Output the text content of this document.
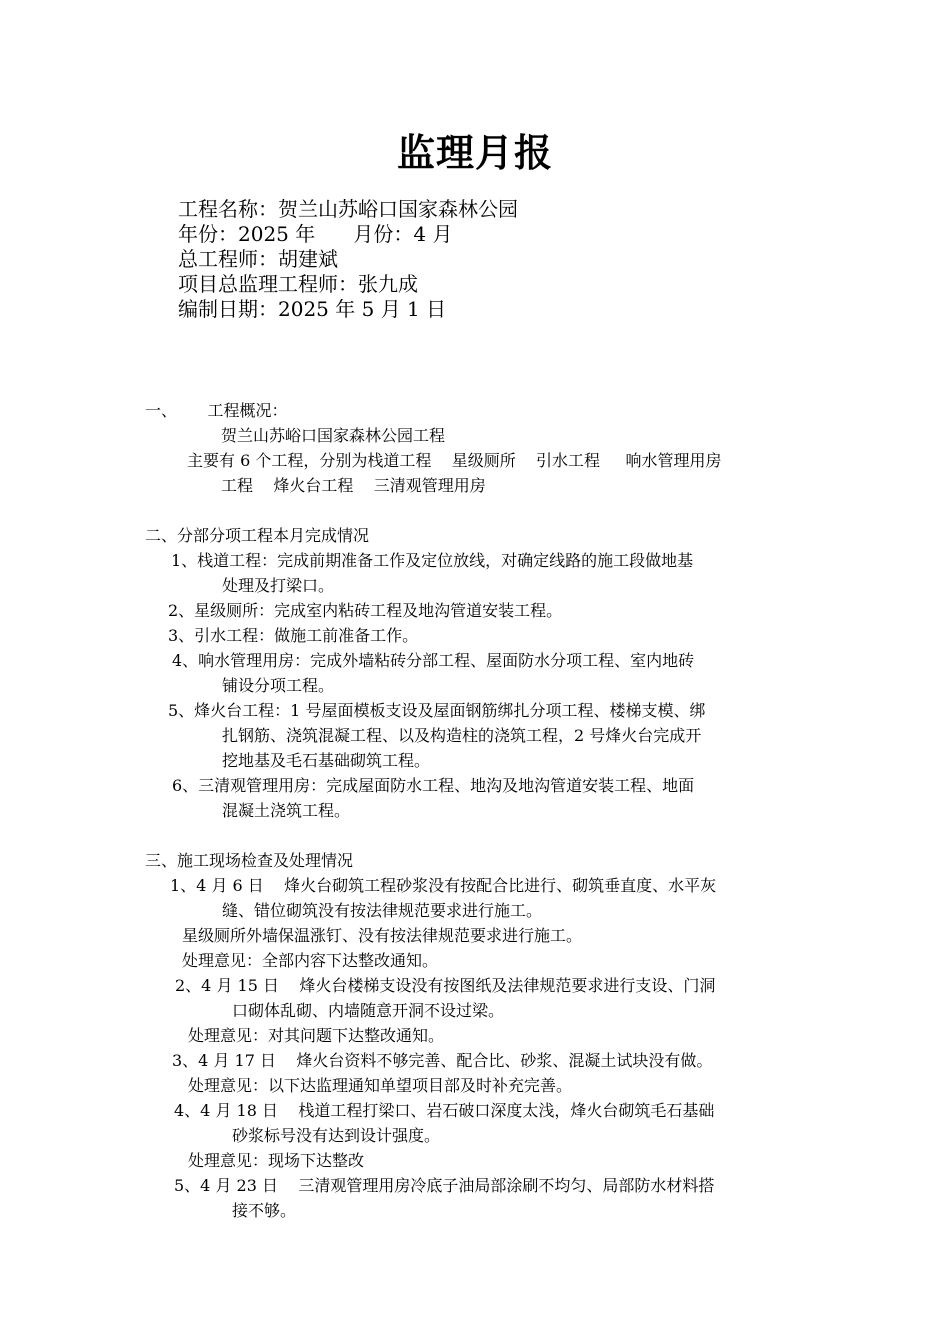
监理月报
工程名称：贺兰山苏峪口国家森林公园
年份：2025 年      月份：4 月
总工程师：胡建斌
项目总监理工程师：张九成
编制日期：2025 年 5 月 1 日
一、      工程概况：
贺兰山苏峪口国家森林公园工程
主要有 6 个工程，分别为栈道工程    星级厕所    引水工程     响水管理用房
工程    烽火台工程    三清观管理用房
二、分部分项工程本月完成情况
1、栈道工程：完成前期准备工作及定位放线，对确定线路的施工段做地基
处理及打梁口。
2、星级厕所：完成室内粘砖工程及地沟管道安装工程。
3、引水工程：做施工前准备工作。
4、响水管理用房：完成外墙粘砖分部工程、屋面防水分项工程、室内地砖
铺设分项工程。
5、烽火台工程：1 号屋面模板支设及屋面钢筋绑扎分项工程、楼梯支模、绑
扎钢筋、浇筑混凝工程、以及构造柱的浇筑工程，2 号烽火台完成开
挖地基及毛石基础砌筑工程。
6、三清观管理用房：完成屋面防水工程、地沟及地沟管道安装工程、地面
混凝土浇筑工程。
三、施工现场检查及处理情况
1、4 月 6 日    烽火台砌筑工程砂浆没有按配合比进行、砌筑垂直度、水平灰
缝、错位砌筑没有按法律规范要求进行施工。
星级厕所外墙保温涨钉、没有按法律规范要求进行施工。
处理意见：全部内容下达整改通知。
2、4 月 15 日    烽火台楼梯支设没有按图纸及法律规范要求进行支设、门洞
口砌体乱砌、内墙随意开洞不设过梁。
处理意见：对其问题下达整改通知。
3、4 月 17 日    烽火台资料不够完善、配合比、砂浆、混凝土试块没有做。
处理意见：以下达监理通知单望项目部及时补充完善。
4、4 月 18 日    栈道工程打梁口、岩石破口深度太浅，烽火台砌筑毛石基础
砂浆标号没有达到设计强度。
处理意见：现场下达整改
5、4 月 23 日    三清观管理用房冷底子油局部涂刷不均匀、局部防水材料搭
接不够。
